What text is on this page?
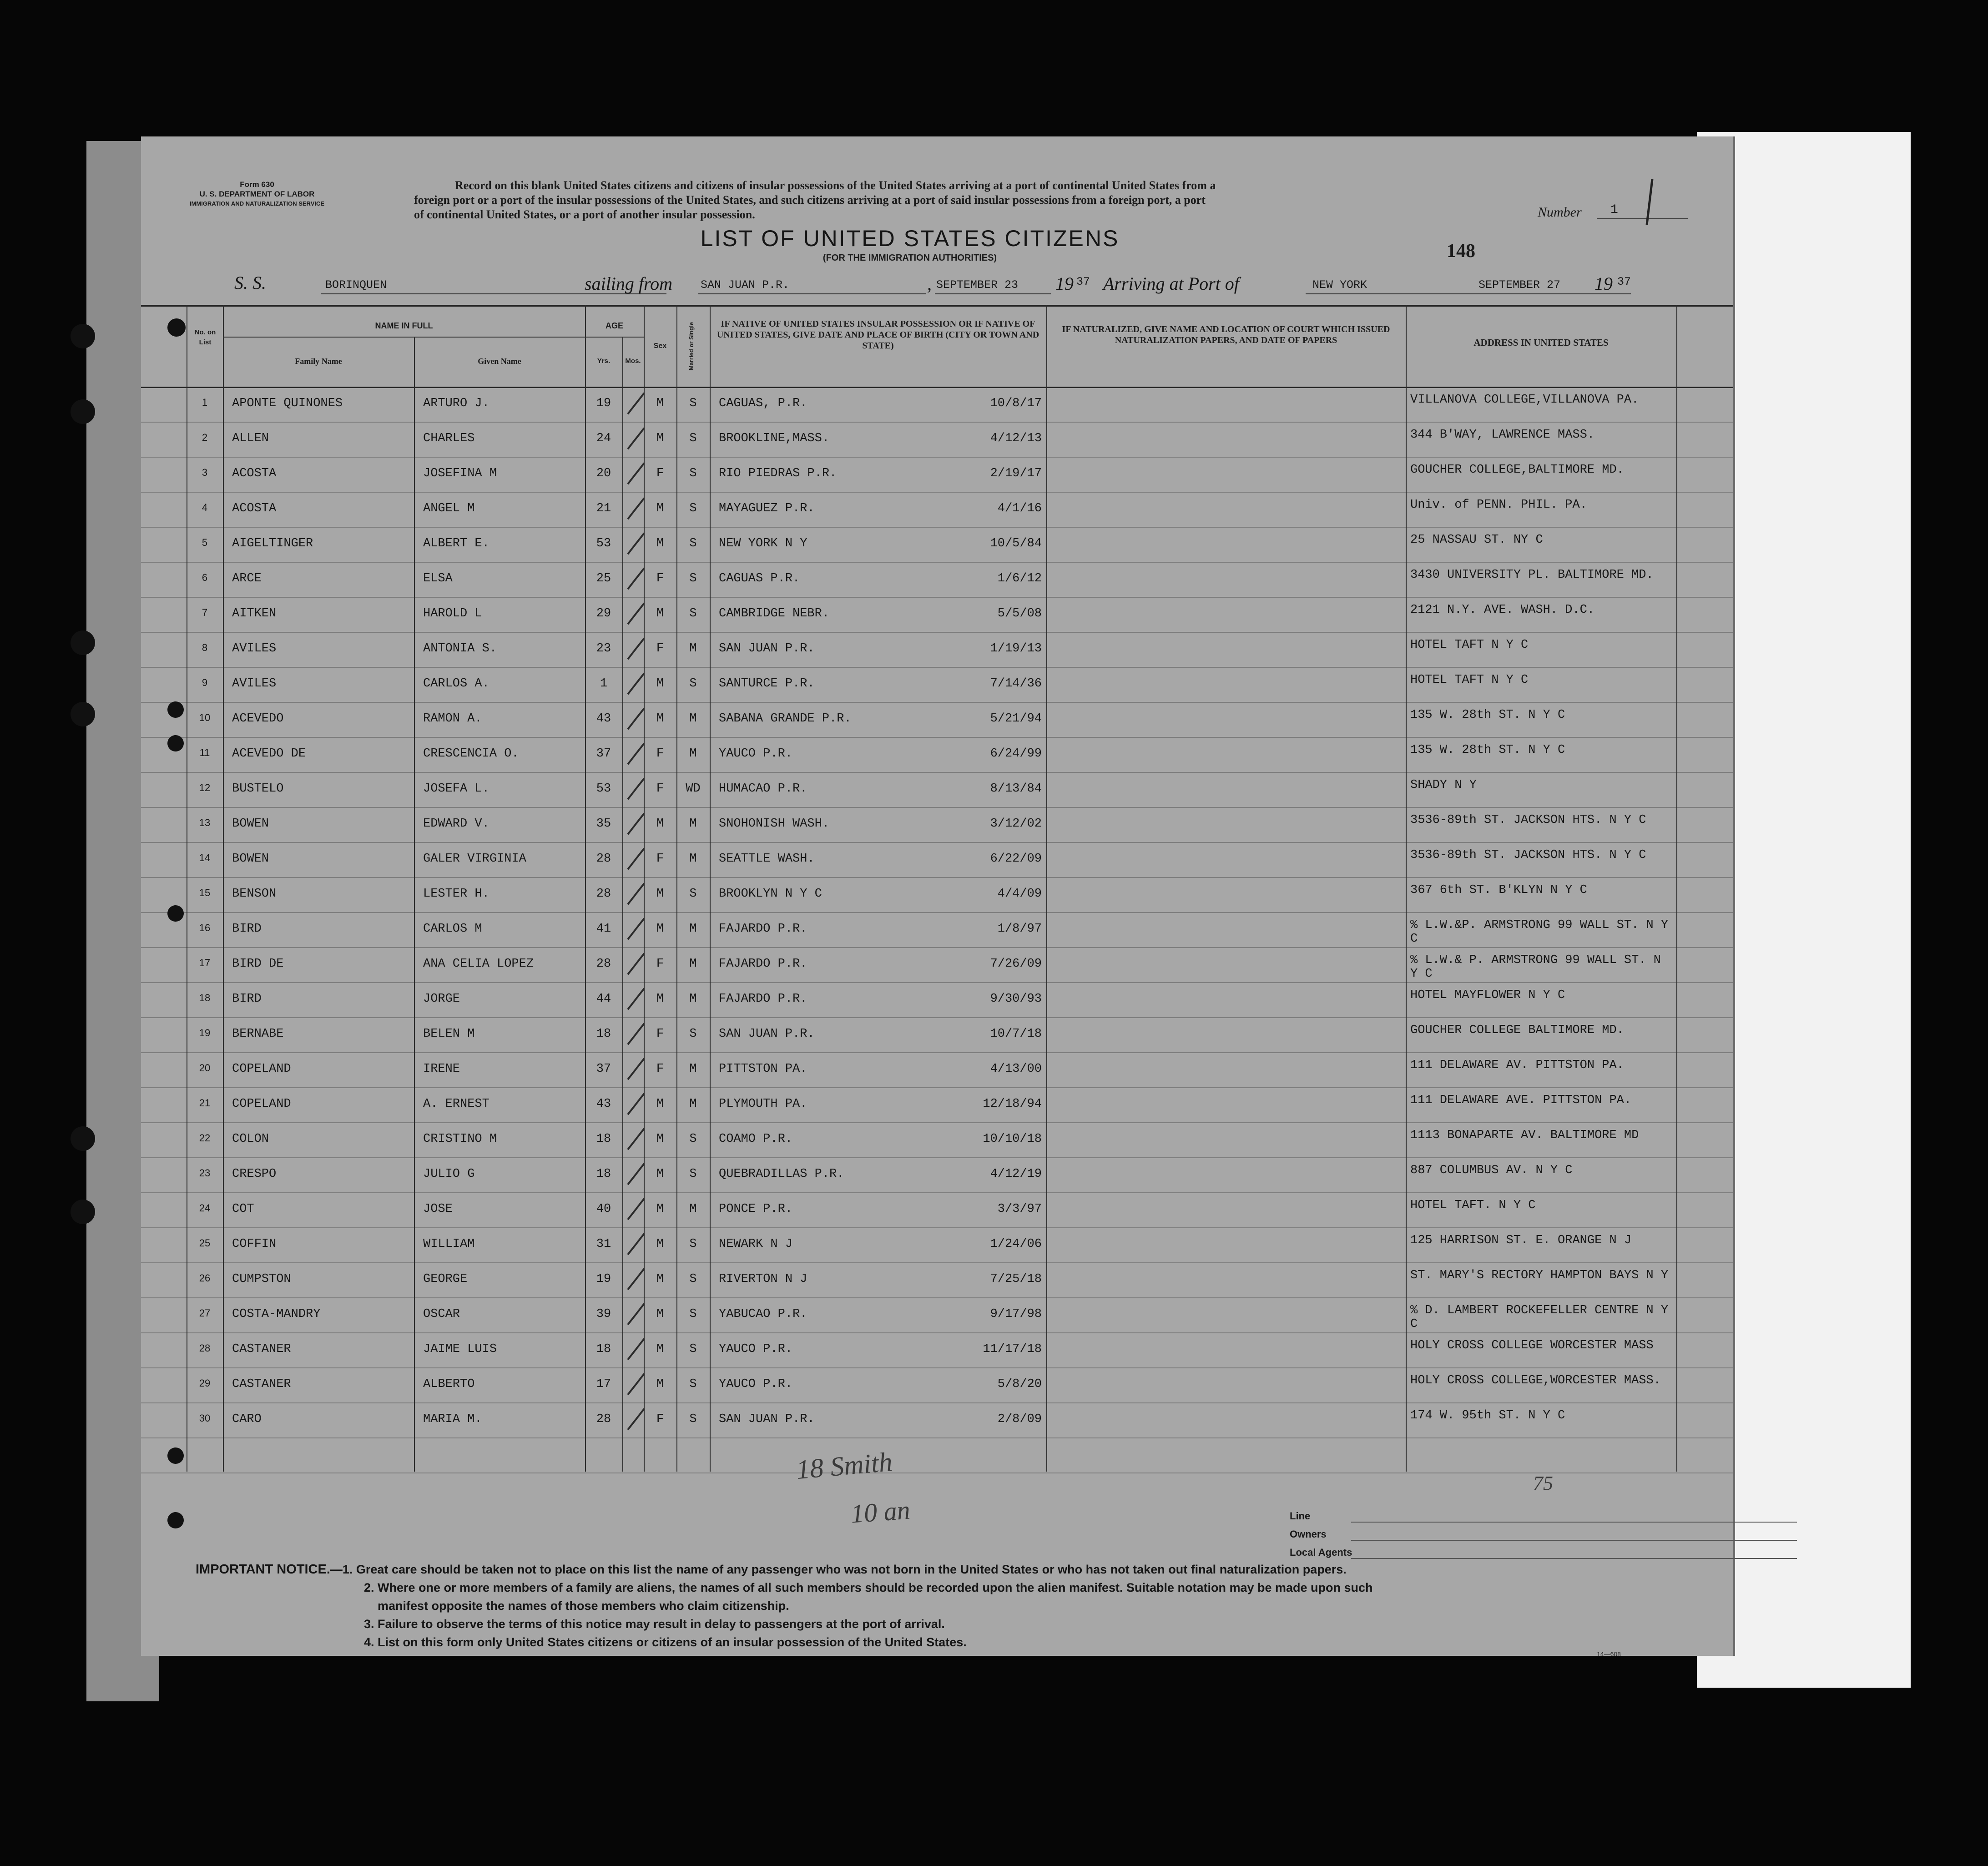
Form 630
U. S. DEPARTMENT OF LABOR
IMMIGRATION AND NATURALIZATION SERVICE
Record on this blank United States citizens and citizens of insular possessions of the United States arriving at a port of continental United States from a
foreign port or a port of the insular possessions of the United States, and such citizens arriving at a port of said insular possessions from a foreign port, a port
of continental United States, or a port of another insular possession.	Number 1
LIST OF UNITED STATES CITIZENS
(FOR THE IMMIGRATION AUTHORITIES)	148
S. S.	BORINQUEN	sailing from SAN JUAN P.R.	, SEPTEMBER 23 19 37 Arriving at Port of	NEW YORK	SEPTEMBER 27 19 37
No. on List
NAME IN FULL
Family Name	Given Name
AGE
Yrs.	Mos.
Sex	Married or Single	IF NATIVE OF UNITED STATES INSULAR POSSESSION OR IF NATIVE OF UNITED STATES, GIVE DATE AND PLACE OF BIRTH (CITY OR TOWN AND STATE)
IF NATURALIZED, GIVE NAME AND LOCATION OF COURT WHICH ISSUED NATURALIZATION PAPERS, AND DATE OF PAPERS	ADDRESS IN UNITED STATES
1	APONTE QUINONES	ARTURO J.	19	M	S	CAGUAS, P.R.	10/8/17	VILLANOVA COLLEGE,VILLANOVA PA.
2	ALLEN	CHARLES	24	M	S	BROOKLINE,MASS.	4/12/13	344 B'WAY, LAWRENCE MASS.
3	ACOSTA	JOSEFINA M	20	F	S	RIO PIEDRAS P.R.	2/19/17	GOUCHER COLLEGE,BALTIMORE MD.
4	ACOSTA	ANGEL M	21	M	S	MAYAGUEZ P.R.	4/1/16	Univ. of PENN. PHIL. PA.
5	AIGELTINGER	ALBERT E.	53	M	S	NEW YORK N Y	10/5/84	25 NASSAU ST. NY C
6	ARCE	ELSA	25	F	S	CAGUAS P.R.	1/6/12	3430 UNIVERSITY PL. BALTIMORE MD.
7	AITKEN	HAROLD L	29	M	S	CAMBRIDGE NEBR.	5/5/08	2121 N.Y. AVE. WASH. D.C.
8	AVILES	ANTONIA S.	23	F	M	SAN JUAN P.R.	1/19/13	HOTEL TAFT N Y C
9	AVILES	CARLOS A.	1	M	S	SANTURCE P.R.	7/14/36	HOTEL TAFT N Y C
10	ACEVEDO	RAMON A.	43	M	M	SABANA GRANDE P.R.	5/21/94	135 W. 28th ST. N Y C
11	ACEVEDO DE	CRESCENCIA O.	37	F	M	YAUCO P.R.	6/24/99	135 W. 28th ST. N Y C
12	BUSTELO	JOSEFA L.	53	F	WD	HUMACAO P.R.	8/13/84	SHADY N Y
13	BOWEN	EDWARD V.	35	M	M	SNOHONISH WASH.	3/12/02	3536-89th ST. JACKSON HTS. N Y C
14	BOWEN	GALER VIRGINIA	28	F	M	SEATTLE WASH.	6/22/09	3536-89th ST. JACKSON HTS. N Y C
15	BENSON	LESTER H.	28	M	S	BROOKLYN N Y C	4/4/09	367 6th ST. B'KLYN N Y C
16	BIRD	CARLOS M	41	M	M	FAJARDO P.R.	1/8/97	% L.W.&P. ARMSTRONG 99 WALL ST. N Y C
17	BIRD DE	ANA CELIA LOPEZ	28	F	M	FAJARDO P.R.	7/26/09	% L.W.& P. ARMSTRONG 99 WALL ST. N Y C
18	BIRD	JORGE	44	M	M	FAJARDO P.R.	9/30/93	HOTEL MAYFLOWER N Y C
19	BERNABE	BELEN M	18	F	S	SAN JUAN P.R.	10/7/18	GOUCHER COLLEGE BALTIMORE MD.
20	COPELAND	IRENE	37	F	M	PITTSTON PA.	4/13/00	111 DELAWARE AV. PITTSTON PA.
21	COPELAND	A. ERNEST	43	M	M	PLYMOUTH PA.	12/18/94	111 DELAWARE AVE. PITTSTON PA.
22	COLON	CRISTINO M	18	M	S	COAMO P.R.	10/10/18	1113 BONAPARTE AV. BALTIMORE MD
23	CRESPO	JULIO G	18	M	S	QUEBRADILLAS P.R.	4/12/19	887 COLUMBUS AV. N Y C
24	COT	JOSE	40	M	M	PONCE P.R.	3/3/97	HOTEL TAFT. N Y C
25	COFFIN	WILLIAM	31	M	S	NEWARK N J	1/24/06	125 HARRISON ST. E. ORANGE N J
26	CUMPSTON	GEORGE	19	M	S	RIVERTON N J	7/25/18	ST. MARY'S RECTORY HAMPTON BAYS N Y
27	COSTA-MANDRY	OSCAR	39	M	S	YABUCAO P.R.	9/17/98	% D. LAMBERT ROCKEFELLER CENTRE N Y C
28	CASTANER	JAIME LUIS	18	M	S	YAUCO P.R.	11/17/18	HOLY CROSS COLLEGE WORCESTER MASS
29	CASTANER	ALBERTO	17	M	S	YAUCO P.R.	5/8/20	HOLY CROSS COLLEGE,WORCESTER MASS.
30	CARO	MARIA M.	28	F	S	SAN JUAN P.R.	2/8/09	174 W. 95th ST. N Y C
18 Smith
10 an
75
Line
Owners
Local Agents
IMPORTANT NOTICE.—1. Great care should be taken not to place on this list the name of any passenger who was not born in the United States or who has not taken out final naturalization papers.
2. Where one or more members of a family are aliens, the names of all such members should be recorded upon the alien manifest. Suitable notation may be made upon such
manifest opposite the names of those members who claim citizenship.
3. Failure to observe the terms of this notice may result in delay to passengers at the port of arrival.
4. List on this form only United States citizens or citizens of an insular possession of the United States.
14—608
